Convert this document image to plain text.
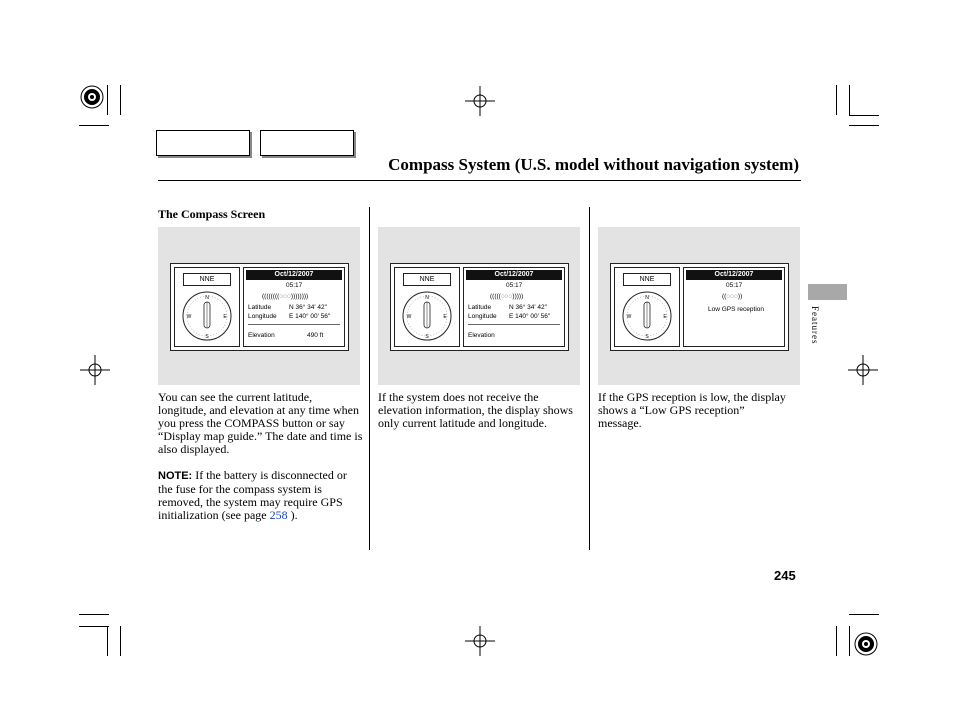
Compass System (U.S. model without navigation system)
The Compass Screen
NNE
N
E
W
S
Oct/12/2007
05:17
((((((((◌◌◌))))))))
Latitude	N 36° 34' 42"
Longitude E 140° 00' 56"
Elevation	490 ft
NNE
N
E
W
S
Oct/12/2007
05:17
(((((◌◌◌)))))
Latitude	N 36° 34' 42"
Longitude E 140° 00' 56"
Elevation
NNE
N
E
W
S
Oct/12/2007
05:17
((◌◌◌))
Low GPS reception

You can see the current latitude, longitude, and elevation at any time when you press the COMPASS button or say “Display map guide.” The date and time is also displayed.

NOTE: If the battery is disconnected or the fuse for the compass system is removed, the system may require GPS initialization (see page 258 ).

If the system does not receive the elevation information, the display shows only current latitude and longitude.

If the GPS reception is low, the display shows a “Low GPS reception” message.

245
Features
